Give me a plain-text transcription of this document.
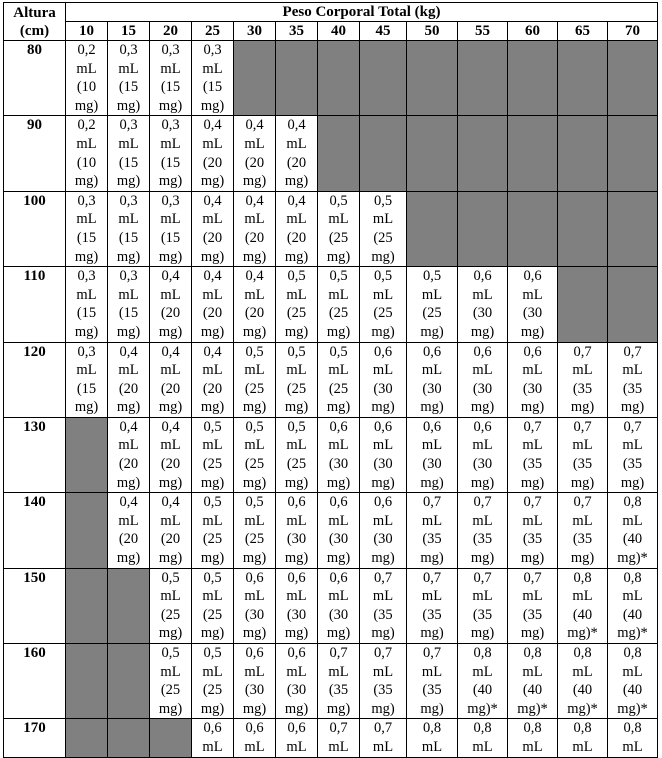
Altura
(cm)	Peso Corporal Total (kg)												
	10	15	20	25	30	35	40	45	50	55	60	65	70
80	0,2
mL
(10
mg)	0,3
mL
(15
mg)	0,3
mL
(15
mg)	0,3
mL
(15
mg)									
90	0,2
mL
(10
mg)	0,3
mL
(15
mg)	0,3
mL
(15
mg)	0,4
mL
(20
mg)	0,4
mL
(20
mg)	0,4
mL
(20
mg)							
100	0,3
mL
(15
mg)	0,3
mL
(15
mg)	0,3
mL
(15
mg)	0,4
mL
(20
mg)	0,4
mL
(20
mg)	0,4
mL
(20
mg)	0,5
mL
(25
mg)	0,5
mL
(25
mg)					
110	0,3
mL
(15
mg)	0,3
mL
(15
mg)	0,4
mL
(20
mg)	0,4
mL
(20
mg)	0,4
mL
(20
mg)	0,5
mL
(25
mg)	0,5
mL
(25
mg)	0,5
mL
(25
mg)	0,5
mL
(25
mg)	0,6
mL
(30
mg)	0,6
mL
(30
mg)		
120	0,3
mL
(15
mg)	0,4
mL
(20
mg)	0,4
mL
(20
mg)	0,4
mL
(20
mg)	0,5
mL
(25
mg)	0,5
mL
(25
mg)	0,5
mL
(25
mg)	0,6
mL
(30
mg)	0,6
mL
(30
mg)	0,6
mL
(30
mg)	0,6
mL
(30
mg)	0,7
mL
(35
mg)	0,7
mL
(35
mg)
130		0,4
mL
(20
mg)	0,4
mL
(20
mg)	0,5
mL
(25
mg)	0,5
mL
(25
mg)	0,5
mL
(25
mg)	0,6
mL
(30
mg)	0,6
mL
(30
mg)	0,6
mL
(30
mg)	0,6
mL
(30
mg)	0,7
mL
(35
mg)	0,7
mL
(35
mg)	0,7
mL
(35
mg)
140		0,4
mL
(20
mg)	0,4
mL
(20
mg)	0,5
mL
(25
mg)	0,5
mL
(25
mg)	0,6
mL
(30
mg)	0,6
mL
(30
mg)	0,6
mL
(30
mg)	0,7
mL
(35
mg)	0,7
mL
(35
mg)	0,7
mL
(35
mg)	0,7
mL
(35
mg)	0,8
mL
(40
mg)*
150			0,5
mL
(25
mg)	0,5
mL
(25
mg)	0,6
mL
(30
mg)	0,6
mL
(30
mg)	0,6
mL
(30
mg)	0,7
mL
(35
mg)	0,7
mL
(35
mg)	0,7
mL
(35
mg)	0,7
mL
(35
mg)	0,8
mL
(40
mg)*	0,8
mL
(40
mg)*
160			0,5
mL
(25
mg)	0,5
mL
(25
mg)	0,6
mL
(30
mg)	0,6
mL
(30
mg)	0,7
mL
(35
mg)	0,7
mL
(35
mg)	0,7
mL
(35
mg)	0,8
mL
(40
mg)*	0,8
mL
(40
mg)*	0,8
mL
(40
mg)*	0,8
mL
(40
mg)*
170				0,6
mL	0,6
mL	0,6
mL	0,7
mL	0,7
mL	0,8
mL	0,8
mL	0,8
mL	0,8
mL	0,8
mL
